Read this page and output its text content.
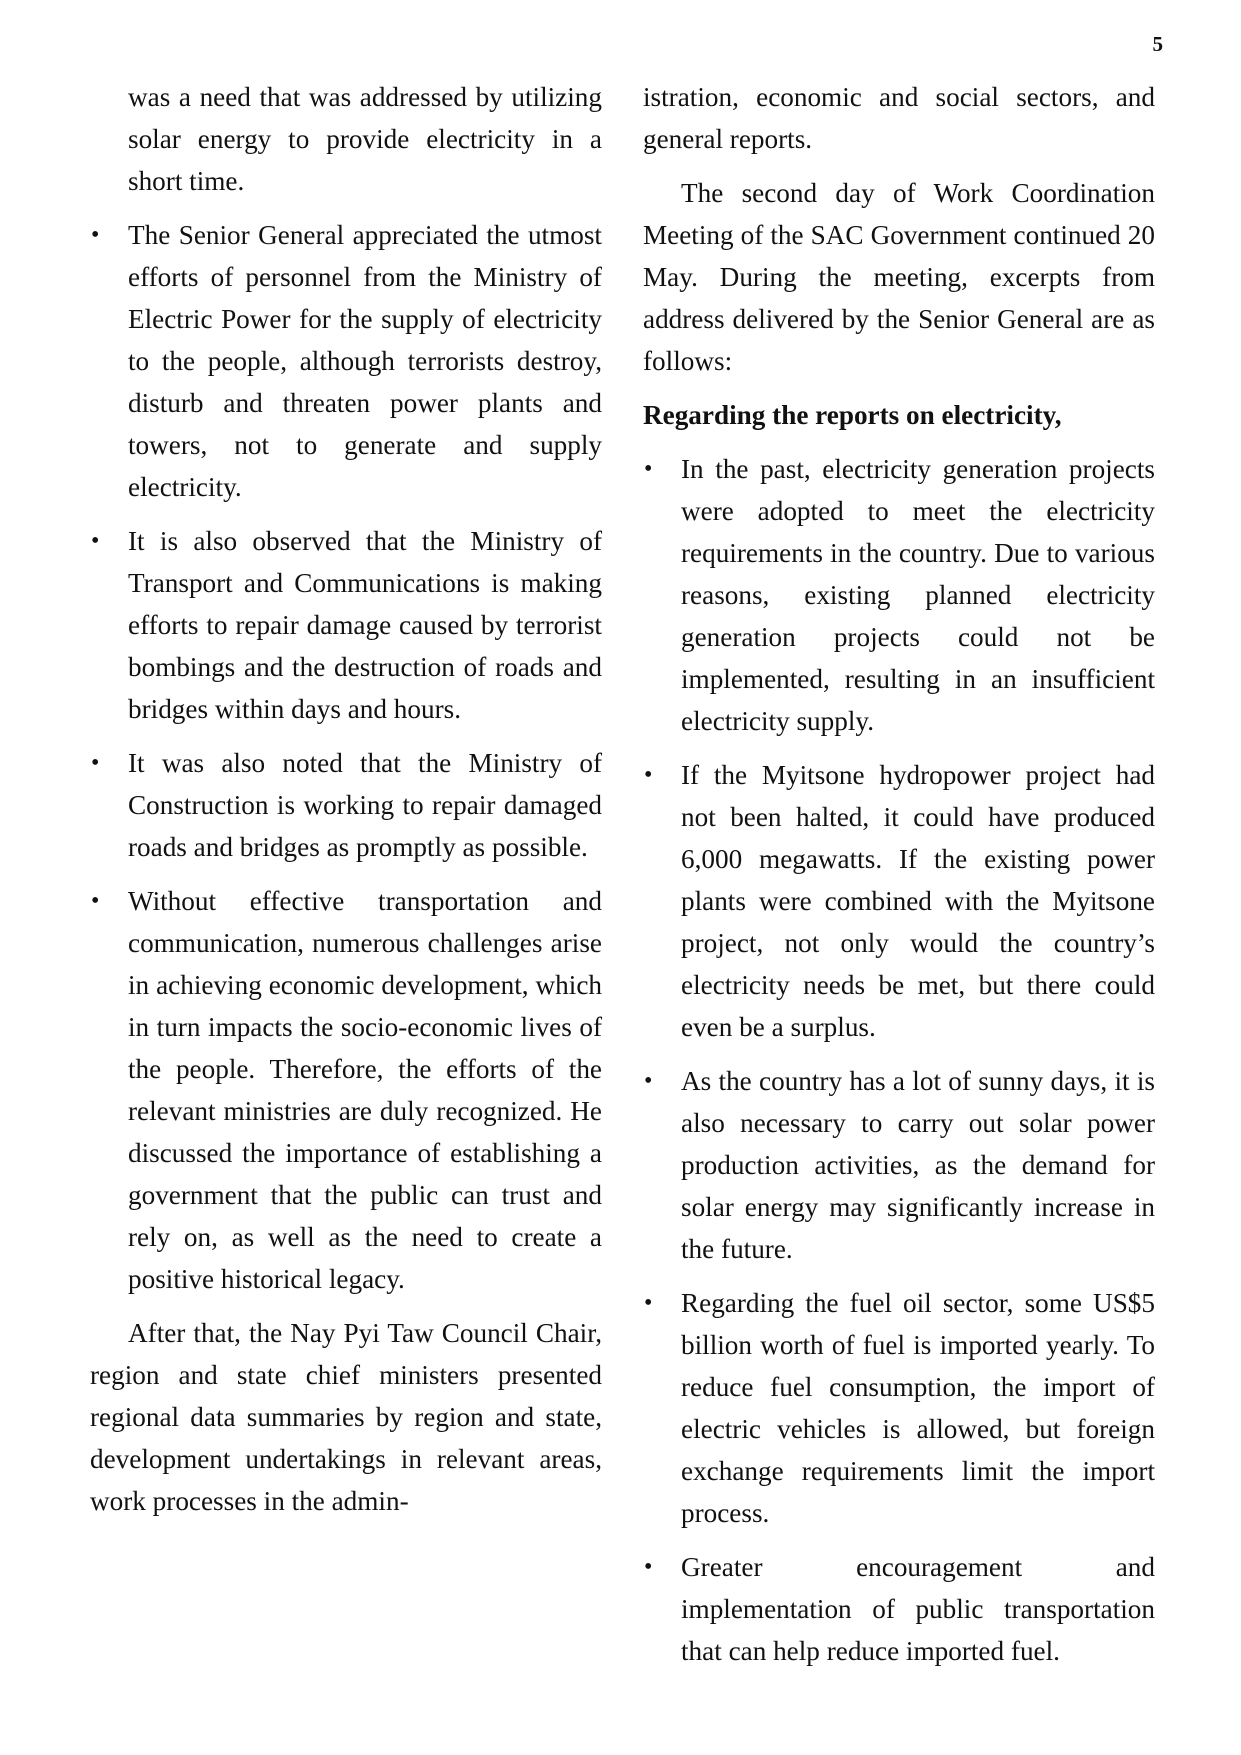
5

was a need that was addressed by utilizing solar energy to provide electricity in a short time.

•	The Senior General appreciated the utmost efforts of personnel from the Ministry of Electric Power for the supply of electricity to the people, although terrorists destroy, disturb and threaten power plants and towers, not to generate and supply electricity.
•	It is also observed that the Ministry of Transport and Communications is making efforts to repair damage caused by terrorist bombings and the destruction of roads and bridges within days and hours.
•	It was also noted that the Ministry of Construction is working to repair damaged roads and bridges as promptly as possible.
•	Without effective transportation and communication, numerous challenges arise in achieving economic development, which in turn impacts the socio-economic lives of the people. Therefore, the efforts of the relevant ministries are duly recognized. He discussed the importance of establishing a government that the public can trust and rely on, as well as the need to create a positive historical legacy.

After that, the Nay Pyi Taw Council Chair, region and state chief ministers presented regional data summaries by region and state, development undertakings in relevant areas, work processes in the admin-

istration, economic and social sectors, and general reports.

The second day of Work Coordination Meeting of the SAC Government continued 20 May. During the meeting, excerpts from address delivered by the Senior General are as follows:

Regarding the reports on electricity,

•	In the past, electricity generation projects were adopted to meet the electricity requirements in the country. Due to various reasons, existing planned electricity generation projects could not be implemented, resulting in an insufficient electricity supply.
•	If the Myitsone hydropower project had not been halted, it could have produced 6,000 megawatts. If the existing power plants were combined with the Myitsone project, not only would the country’s electricity needs be met, but there could even be a surplus.
•	As the country has a lot of sunny days, it is also necessary to carry out solar power production activities, as the demand for solar energy may significantly increase in the future.
•	Regarding the fuel oil sector, some US$5 billion worth of fuel is imported yearly. To reduce fuel consumption, the import of electric vehicles is allowed, but foreign exchange requirements limit the import process.
•	Greater encouragement and implementation of public transportation that can help reduce imported fuel.
